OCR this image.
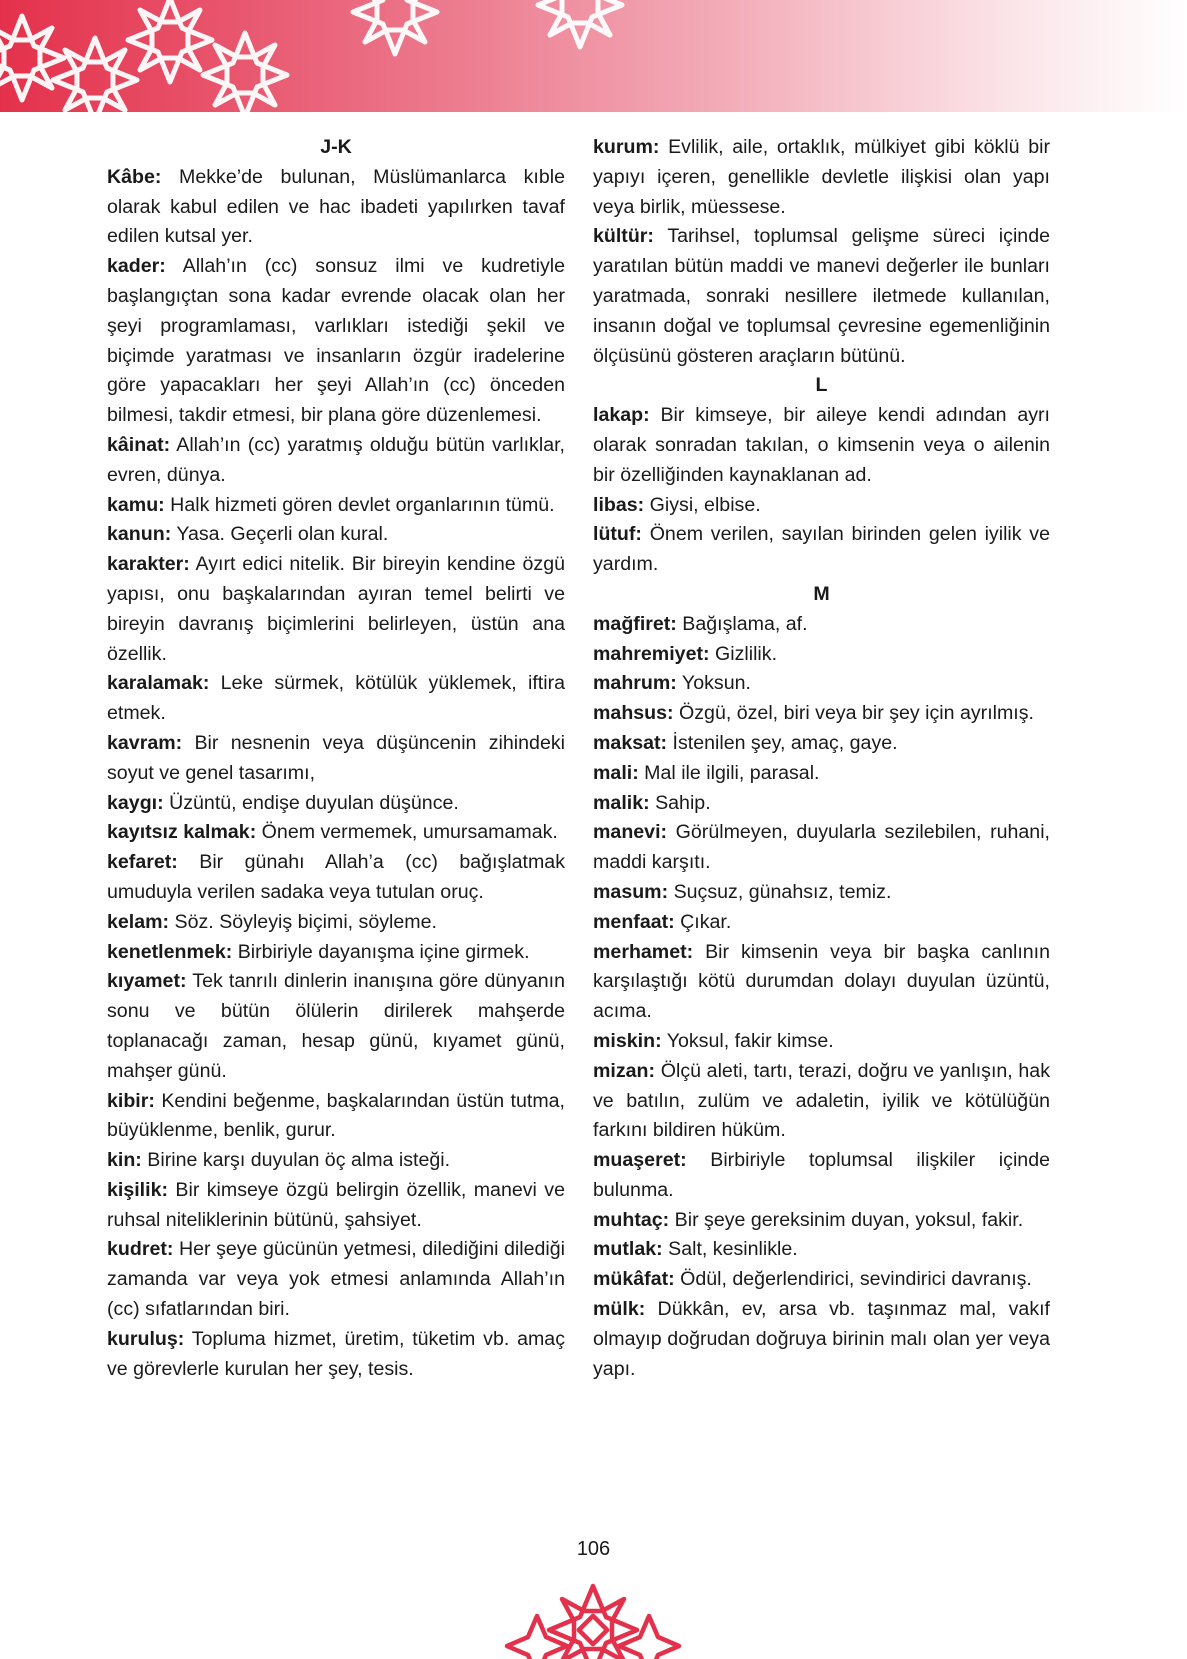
J-K

Kâbe: Mekke’de bulunan, Müslümanlarca kıble olarak kabul edilen ve hac ibadeti yapılırken tavaf edilen kutsal yer.

kader: Allah’ın (cc) sonsuz ilmi ve kudretiyle başlangıçtan sona kadar evrende olacak olan her şeyi programlaması, varlıkları istediği şekil ve biçimde yaratması ve insanların özgür iradelerine göre yapacakları her şeyi Allah’ın (cc) önceden bilmesi, takdir etmesi, bir plana göre düzenlemesi.

kâinat: Allah’ın (cc) yaratmış olduğu bütün varlıklar, evren, dünya.

kamu: Halk hizmeti gören devlet organlarının tümü.

kanun: Yasa. Geçerli olan kural.

karakter: Ayırt edici nitelik. Bir bireyin kendine özgü yapısı, onu başkalarından ayıran temel belirti ve bireyin davranış biçimlerini belirleyen, üstün ana özellik.

karalamak: Leke sürmek, kötülük yüklemek, iftira etmek.

kavram: Bir nesnenin veya düşüncenin zihindeki soyut ve genel tasarımı,

kaygı: Üzüntü, endişe duyulan düşünce.

kayıtsız kalmak: Önem vermemek, umursamamak.

kefaret: Bir günahı Allah’a (cc) bağışlatmak umuduyla verilen sadaka veya tutulan oruç.

kelam: Söz. Söyleyiş biçimi, söyleme.

kenetlenmek: Birbiriyle dayanışma içine girmek.

kıyamet: Tek tanrılı dinlerin inanışına göre dünyanın sonu ve bütün ölülerin dirilerek mahşerde toplanacağı zaman, hesap günü, kıyamet günü, mahşer günü.

kibir: Kendini beğenme, başkalarından üstün tutma, büyüklenme, benlik, gurur.

kin: Birine karşı duyulan öç alma isteği.

kişilik: Bir kimseye özgü belirgin özellik, manevi ve ruhsal niteliklerinin bütünü, şahsiyet.

kudret: Her şeye gücünün yetmesi, dilediğini dilediği zamanda var veya yok etmesi anlamında Allah’ın (cc) sıfatlarından biri.

kuruluş: Topluma hizmet, üretim, tüketim vb. amaç ve görevlerle kurulan her şey, tesis.

kurum: Evlilik, aile, ortaklık, mülkiyet gibi köklü bir yapıyı içeren, genellikle devletle ilişkisi olan yapı veya birlik, müessese.

kültür: Tarihsel, toplumsal gelişme süreci içinde yaratılan bütün maddi ve manevi değerler ile bunları yaratmada, sonraki nesillere iletmede kullanılan, insanın doğal ve toplumsal çevresine egemenliğinin ölçüsünü gösteren araçların bütünü.

L

lakap: Bir kimseye, bir aileye kendi adından ayrı olarak sonradan takılan, o kimsenin veya o ailenin bir özelliğinden kaynaklanan ad.

libas: Giysi, elbise.

lütuf: Önem verilen, sayılan birinden gelen iyilik ve yardım.

M

mağfiret: Bağışlama, af.

mahremiyet: Gizlilik.

mahrum: Yoksun.

mahsus: Özgü, özel, biri veya bir şey için ayrılmış.

maksat: İstenilen şey, amaç, gaye.

mali: Mal ile ilgili, parasal.

malik: Sahip.

manevi: Görülmeyen, duyularla sezilebilen, ruhani, maddi karşıtı.

masum: Suçsuz, günahsız, temiz.

menfaat: Çıkar.

merhamet: Bir kimsenin veya bir başka canlının karşılaştığı kötü durumdan dolayı duyulan üzüntü, acıma.

miskin: Yoksul, fakir kimse.

mizan: Ölçü aleti, tartı, terazi, doğru ve yanlışın, hak ve batılın, zulüm ve adaletin, iyilik ve kötülüğün farkını bildiren hüküm.

muaşeret: Birbiriyle toplumsal ilişkiler içinde bulunma.

muhtaç: Bir şeye gereksinim duyan, yoksul, fakir.

mutlak: Salt, kesinlikle.

mükâfat: Ödül, değerlendirici, sevindirici davranış.

mülk: Dükkân, ev, arsa vb. taşınmaz mal, vakıf olmayıp doğrudan doğruya birinin malı olan yer veya yapı.

106
